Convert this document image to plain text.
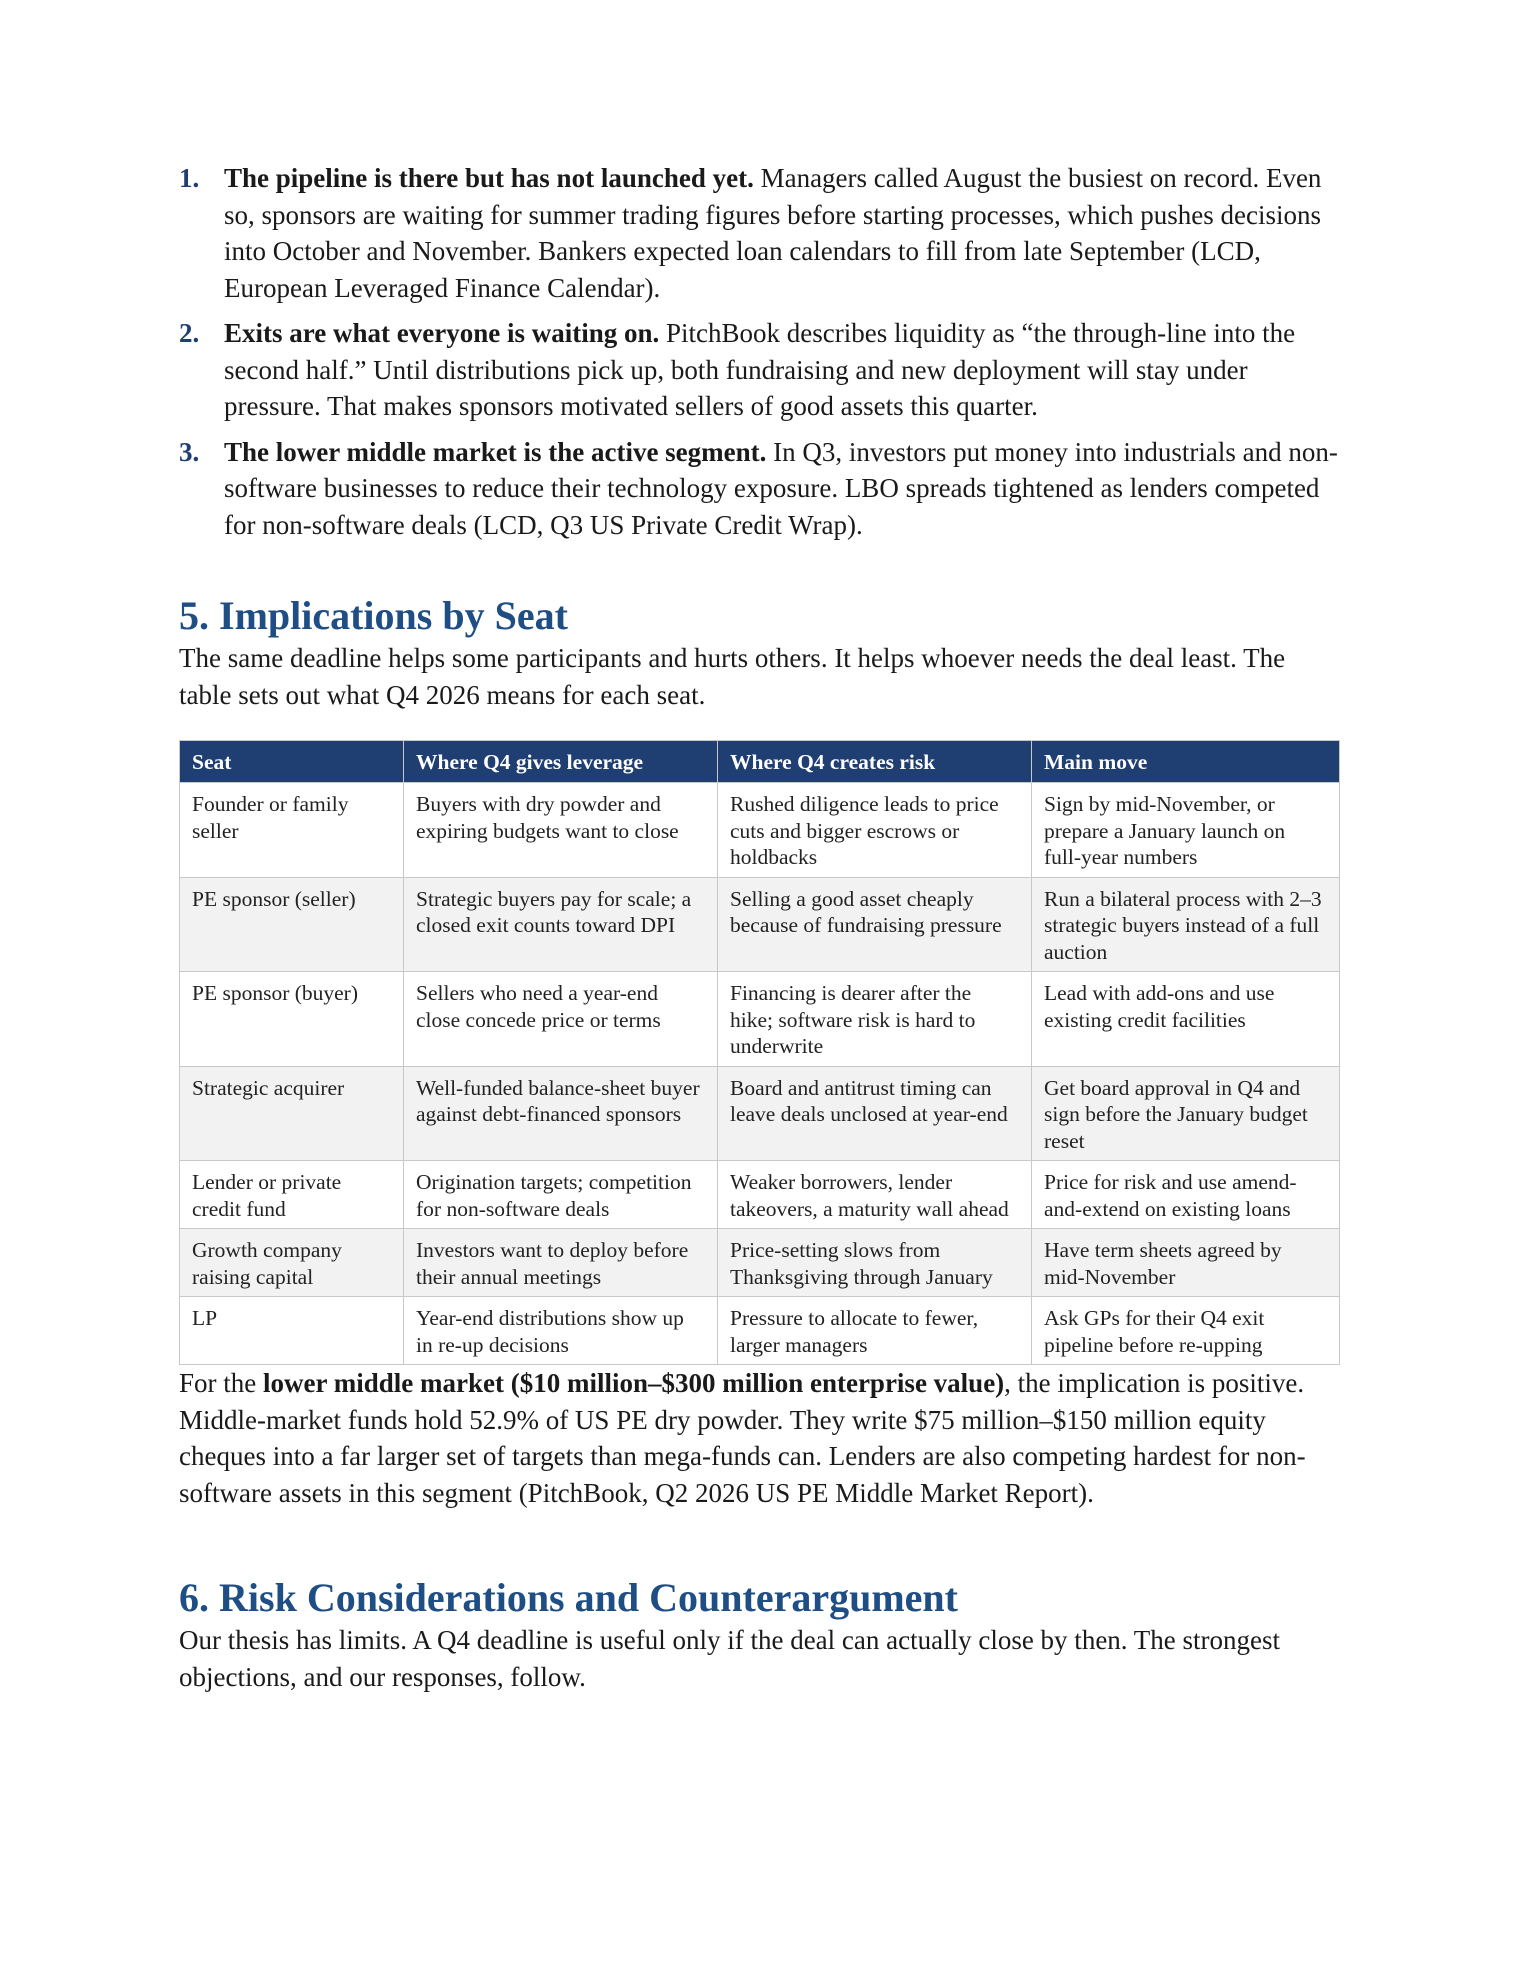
1. The pipeline is there but has not launched yet. Managers called August the busiest on record. Even so, sponsors are waiting for summer trading figures before starting processes, which pushes decisions into October and November. Bankers expected loan calendars to fill from late September (LCD, European Leveraged Finance Calendar).
2. Exits are what everyone is waiting on. PitchBook describes liquidity as “the through-line into the second half.” Until distributions pick up, both fundraising and new deployment will stay under pressure. That makes sponsors motivated sellers of good assets this quarter.
3. The lower middle market is the active segment. In Q3, investors put money into industrials and non-software businesses to reduce their technology exposure. LBO spreads tightened as lenders competed for non-software deals (LCD, Q3 US Private Credit Wrap).
5. Implications by Seat

The same deadline helps some participants and hurts others. It helps whoever needs the deal least. The table sets out what Q4 2026 means for each seat.

Seat	Where Q4 gives leverage	Where Q4 creates risk	Main move
Founder or family seller	Buyers with dry powder and expiring budgets want to close	Rushed diligence leads to price cuts and bigger escrows or holdbacks	Sign by mid-November, or prepare a January launch on full-year numbers
PE sponsor (seller)	Strategic buyers pay for scale; a closed exit counts toward DPI	Selling a good asset cheaply because of fundraising pressure	Run a bilateral process with 2–3 strategic buyers instead of a full auction
PE sponsor (buyer)	Sellers who need a year-end close concede price or terms	Financing is dearer after the hike; software risk is hard to underwrite	Lead with add-ons and use existing credit facilities
Strategic acquirer	Well-funded balance-sheet buyer against debt-financed sponsors	Board and antitrust timing can leave deals unclosed at year-end	Get board approval in Q4 and sign before the January budget reset
Lender or private credit fund	Origination targets; competition for non-software deals	Weaker borrowers, lender takeovers, a maturity wall ahead	Price for risk and use amend-and-extend on existing loans
Growth company raising capital	Investors want to deploy before their annual meetings	Price-setting slows from Thanksgiving through January	Have term sheets agreed by mid-November
LP	Year-end distributions show up in re-up decisions	Pressure to allocate to fewer, larger managers	Ask GPs for their Q4 exit pipeline before re-upping

For the lower middle market ($10 million–$300 million enterprise value), the implication is positive. Middle-market funds hold 52.9% of US PE dry powder. They write $75 million–$150 million equity cheques into a far larger set of targets than mega-funds can. Lenders are also competing hardest for non-software assets in this segment (PitchBook, Q2 2026 US PE Middle Market Report).

6. Risk Considerations and Counterargument

Our thesis has limits. A Q4 deadline is useful only if the deal can actually close by then. The strongest objections, and our responses, follow.
